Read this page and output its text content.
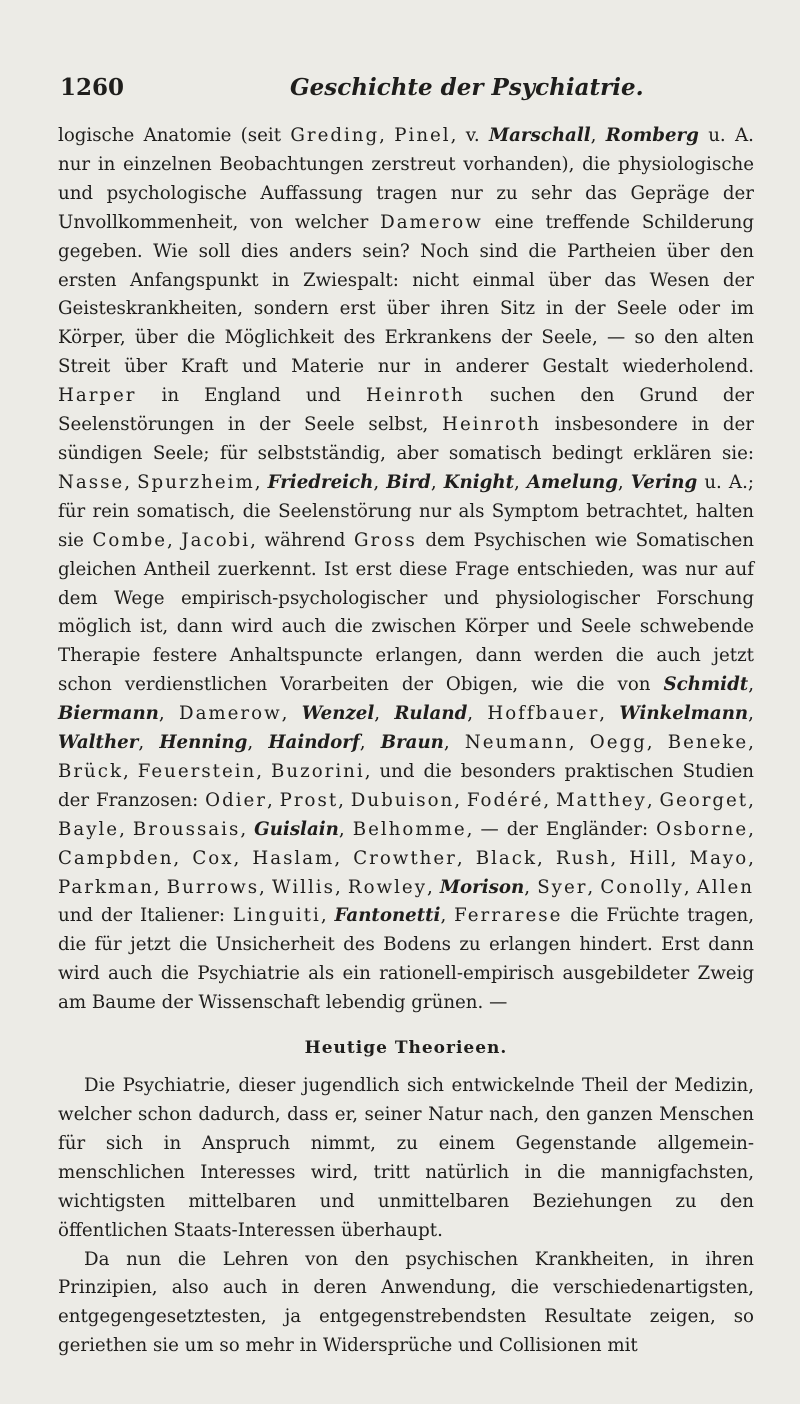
1260	Geschichte der Psychiatrie.

logische Anatomie (seit Greding, Pinel, v. Marschall, Romberg u. A. nur in einzelnen Beobachtungen zerstreut vorhanden), die physiologische und psychologische Auffassung tragen nur zu sehr das Gepräge der Unvollkommenheit, von welcher Damerow eine treffende Schilderung gegeben. Wie soll dies anders sein? Noch sind die Partheien über den ersten Anfangspunkt in Zwiespalt: nicht einmal über das Wesen der Geisteskrankheiten, sondern erst über ihren Sitz in der Seele oder im Körper, über die Möglichkeit des Erkrankens der Seele, — so den alten Streit über Kraft und Materie nur in anderer Gestalt wiederholend. Harper in England und Heinroth suchen den Grund der Seelenstörungen in der Seele selbst, Heinroth insbesondere in der sündigen Seele; für selbstständig, aber somatisch bedingt erklären sie: Nasse, Spurzheim, Friedreich, Bird, Knight, Amelung, Vering u. A.; für rein somatisch, die Seelenstörung nur als Symptom betrachtet, halten sie Combe, Jacobi, während Gross dem Psychischen wie Somatischen gleichen Antheil zuerkennt. Ist erst diese Frage entschieden, was nur auf dem Wege empirisch-psychologischer und physiologischer Forschung möglich ist, dann wird auch die zwischen Körper und Seele schwebende Therapie festere Anhaltspuncte erlangen, dann werden die auch jetzt schon verdienstlichen Vorarbeiten der Obigen, wie die von Schmidt, Biermann, Damerow, Wenzel, Ruland, Hoffbauer, Winkelmann, Walther, Henning, Haindorf, Braun, Neumann, Oegg, Beneke, Brück, Feuerstein, Buzorini, und die besonders praktischen Studien der Franzosen: Odier, Prost, Dubuison, Fodéré, Matthey, Georget, Bayle, Broussais, Guislain, Belhomme, — der Engländer: Osborne, Campbden, Cox, Haslam, Crowther, Black, Rush, Hill, Mayo, Parkman, Burrows, Willis, Rowley, Morison, Syer, Conolly, Allen und der Italiener: Linguiti, Fantonetti, Ferrarese die Früchte tragen, die für jetzt die Unsicherheit des Bodens zu erlangen hindert. Erst dann wird auch die Psychiatrie als ein rationell-empirisch ausgebildeter Zweig am Baume der Wissenschaft lebendig grünen. —

Heutige Theorieen.

Die Psychiatrie, dieser jugendlich sich entwickelnde Theil der Medizin, welcher schon dadurch, dass er, seiner Natur nach, den ganzen Menschen für sich in Anspruch nimmt, zu einem Gegenstande allgemein-menschlichen Interesses wird, tritt natürlich in die mannigfachsten, wichtigsten mittelbaren und unmittelbaren Beziehungen zu den öffentlichen Staats-Interessen überhaupt.

Da nun die Lehren von den psychischen Krankheiten, in ihren Prinzipien, also auch in deren Anwendung, die verschiedenartigsten, entgegengesetztesten, ja entgegenstrebendsten Resultate zeigen, so geriethen sie um so mehr in Widersprüche und Collisionen mit
